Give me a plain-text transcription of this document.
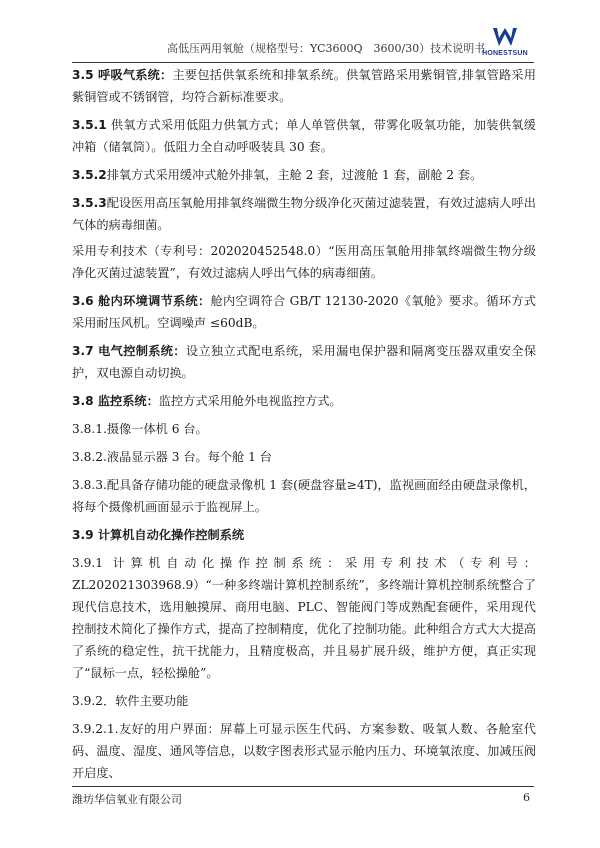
高低压两用氧舱（规格型号：YC3600Q　3600/30）技术说明书
HONESTSUN

3.5 呼吸气系统：主要包括供氧系统和排氧系统。供氧管路采用紫铜管,排氧管路采用紫铜管或不锈钢管，均符合新标准要求。

3.5.1 供氧方式采用低阻力供氧方式；单人单管供氧，带雾化吸氧功能，加装供氧缓冲箱（储氧筒）。低阻力全自动呼吸装具 30 套。

3.5.2排氧方式采用缓冲式舱外排氧，主舱 2 套，过渡舱 1 套，副舱 2 套。

3.5.3配设医用高压氧舱用排氧终端微生物分级净化灭菌过滤装置，有效过滤病人呼出气体的病毒细菌。

采用专利技术（专利号：202020452548.0）“医用高压氧舱用排氧终端微生物分级净化灭菌过滤装置”，有效过滤病人呼出气体的病毒细菌。

3.6 舱内环境调节系统：舱内空调符合 GB/T 12130-2020《氧舱》要求。循环方式采用耐压风机。空调噪声 ≤60dB。

3.7 电气控制系统：设立独立式配电系统，采用漏电保护器和隔离变压器双重安全保护，双电源自动切换。

3.8 监控系统：监控方式采用舱外电视监控方式。

3.8.1.摄像一体机 6 台。

3.8.2.液晶显示器 3 台。每个舱 1 台

3.8.3.配具备存储功能的硬盘录像机 1 套(硬盘容量≥4T)，监视画面经由硬盘录像机，将每个摄像机画面显示于监视屏上。

3.9 计算机自动化操作控制系统

3.9.1 计算机自动化操作控制系统：采用专利技术（专利号：ZL202021303968.9）“一种多终端计算机控制系统”，多终端计算机控制系统整合了现代信息技术，选用触摸屏、商用电脑、PLC、智能阀门等成熟配套硬件，采用现代控制技术简化了操作方式，提高了控制精度，优化了控制功能。此种组合方式大大提高了系统的稳定性，抗干扰能力，且精度极高，并且易扩展升级，维护方便，真正实现了“鼠标一点，轻松操舱”。

3.9.2．软件主要功能

3.9.2.1.友好的用户界面：屏幕上可显示医生代码、方案参数、吸氧人数、各舱室代码、温度、湿度、通风等信息，以数字图表形式显示舱内压力、环境氧浓度、加减压阀开启度、

潍坊华信氧业有限公司	6
